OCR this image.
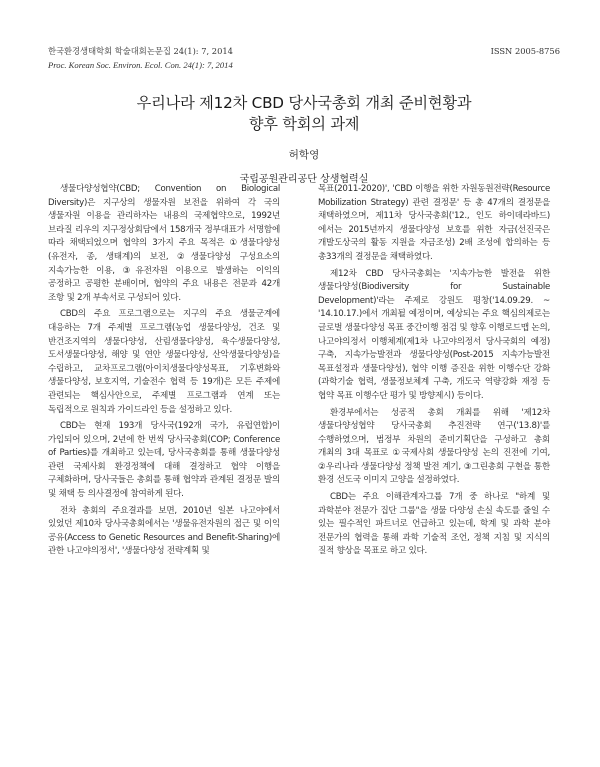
한국환경생태학회 학술대회논문집 24(1): 7, 2014	ISSN 2005-8756
Proc. Korean Soc. Environ. Ecol. Con. 24(1): 7, 2014
우리나라 제12차 CBD 당사국총회 개최 준비현황과
향후 학회의 과제
허학영
국립공원관리공단 상생협력실

생물다양성협약(CBD; Convention on Biological Diversity)은 지구상의 생물자원 보전을 위하여 각 국의 생물자원 이용을 관리하자는 내용의 국제협약으로, 1992년 브라질 리우의 지구정상회담에서 158개국 정부대표가 서명함에 따라 채택되었으며 협약의 3가지 주요 목적은 ①생물다양성(유전자, 종, 생태계)의 보전, ②생물다양성 구성요소의 지속가능한 이용, ③유전자원 이용으로 발생하는 이익의 공정하고 공평한 분배이며, 협약의 주요 내용은 전문과 42개 조항 및 2개 부속서로 구성되어 있다.

CBD의 주요 프로그램으로는 지구의 주요 생물군계에 대응하는 7개 주제별 프로그램(농업 생물다양성, 건조 및 반건조지역의 생물다양성, 산림생물다양성, 육수생물다양성, 도서생물다양성, 해양 및 연안 생물다양성, 산악생물다양성)을 수립하고, 교차프로그램(아이치생물다양성목표, 기후변화와 생물다양성, 보호지역, 기술전수 협력 등 19개)은 모든 주제에 관련되는 핵심사안으로, 주제별 프로그램과 연계 또는 독립적으로 원칙과 가이드라인 등을 설정하고 있다.

CBD는 현재 193개 당사국(192개 국가, 유럽연합)이 가입되어 있으며, 2년에 한 번씩 당사국총회(COP; Conference of Parties)를 개최하고 있는데, 당사국총회를 통해 생물다양성 관련 국제사회 환경정책에 대해 결정하고 협약 이행을 구체화하며, 당사국들은 총회를 통해 협약과 관계된 결정문 발의 및 채택 등 의사결정에 참여하게 된다.

전차 총회의 주요결과를 보면, 2010년 일본 나고야에서 있었던 제10차 당사국총회에서는 '생물유전자원의 접근 및 이익 공유(Access to Genetic Resources and Benefit-Sharing)에 관한 나고야의정서', '생물다양성 전략계획 및

목표(2011-2020)', 'CBD 이행을 위한 자원동원전략(Resource Mobilization Strategy) 관련 결정문' 등 총 47개의 결정문을 채택하였으며, 제11차 당사국총회('12., 인도 하이데라바드)에서는 2015년까지 생물다양성 보호를 위한 자금(선진국은 개발도상국의 활동 지원을 자금조성) 2배 조성에 합의하는 등 총33개의 결정문을 채택하였다.

제12차 CBD 당사국총회는 '지속가능한 발전을 위한 생물다양성(Biodiversity for Sustainable Development)'라는 주제로 강원도 평창('14.09.29. ~ '14.10.17.)에서 개최될 예정이며, 예상되는 주요 핵심의제로는 글로벌 생물다양성 목표 중간이행 점검 및 향후 이행로드맵 논의, 나고야의정서 이행체계(제1차 나고야의정서 당사국회의 예정) 구축, 지속가능발전과 생물다양성(Post-2015 지속가능발전 목표설정과 생물다양성), 협약 이행 증진을 위한 이행수단 강화(과학기술 협력, 생물정보체계 구축, 개도국 역량강화 재정 등 협약 목표 이행수단 평가 및 방향제시) 등이다.

환경부에서는 성공적 총회 개최를 위해 '제12차 생물다양성협약 당사국총회 추진전략 연구('13.8)'를 수행하였으며, 범정부 차원의 준비기획단을 구성하고 총회 개최의 3대 목표로 ①국제사회 생물다양성 논의 진전에 기여, ②우리나라 생물다양성 정책 발전 계기, ③그린총회 구현을 통한 환경 선도국 이미지 고양을 설정하였다.

CBD는 주요 이해관계자그룹 7개 중 하나로 "하계 및 과학분야 전문가 집단 그룹"을 생물 다양성 손실 속도를 줄일 수 있는 필수적인 파트너로 언급하고 있는데, 학계 및 과학 분야 전문가의 협력을 통해 과학 기술적 조언, 정책 지침 및 지식의 질적 향상을 목표로 하고 있다.
